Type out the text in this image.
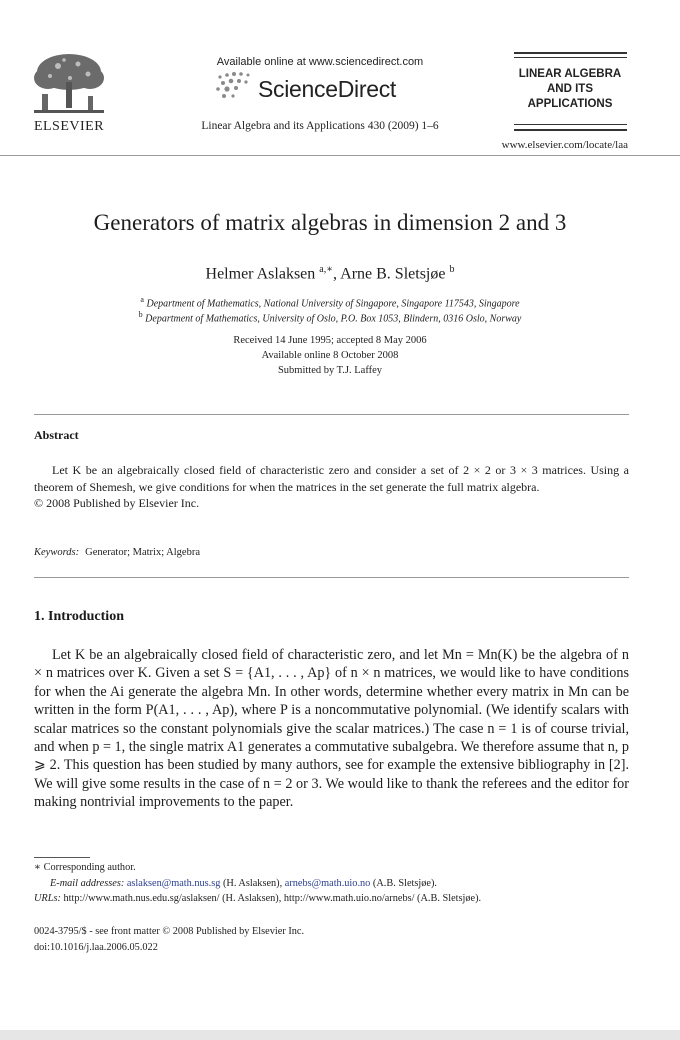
ELSEVIER
Available online at www.sciencedirect.com
ScienceDirect
Linear Algebra and its Applications 430 (2009) 1–6
LINEAR ALGEBRA
AND ITS
APPLICATIONS
www.elsevier.com/locate/laa
Generators of matrix algebras in dimension 2 and 3
Helmer Aslaksen $^{a,∗}$, Arne B. Sletsjøe $^b$
$^a$ Department of Mathematics, National University of Singapore, Singapore 117543, Singapore
$^b$ Department of Mathematics, University of Oslo, P.O. Box 1053, Blindern, 0316 Oslo, Norway
Received 14 June 1995; accepted 8 May 2006
Available online 8 October 2008
Submitted by T.J. Laffey
Abstract

Let K be an algebraically closed field of characteristic zero and consider a set of 2 × 2 or 3 × 3 matrices. Using a theorem of Shemesh, we give conditions for when the matrices in the set generate the full matrix algebra.

© 2008 Published by Elsevier Inc.

Keywords: Generator; Matrix; Algebra
1. Introduction

Let K be an algebraically closed field of characteristic zero, and let Mn = Mn(K) be the algebra of n × n matrices over K. Given a set S = {A1, . . . , Ap} of n × n matrices, we would like to have conditions for when the Ai generate the algebra Mn. In other words, determine whether every matrix in Mn can be written in the form P(A1, . . . , Ap), where P is a noncommutative polynomial. (We identify scalars with scalar matrices so the constant polynomials give the scalar matrices.) The case n = 1 is of course trivial, and when p = 1, the single matrix A1 generates a commutative subalgebra. We therefore assume that n, p ⩾ 2. This question has been studied by many authors, see for example the extensive bibliography in [2]. We will give some results in the case of n = 2 or 3. We would like to thank the referees and the editor for making nontrivial improvements to the paper.

∗ Corresponding author.
E-mail addresses: aslaksen@math.nus.sg (H. Aslaksen), arnebs@math.uio.no (A.B. Sletsjøe).
URLs: http://www.math.nus.edu.sg/aslaksen/ (H. Aslaksen), http://www.math.uio.no/arnebs/ (A.B. Sletsjøe).
0024-3795/$ - see front matter © 2008 Published by Elsevier Inc.
doi:10.1016/j.laa.2006.05.022
